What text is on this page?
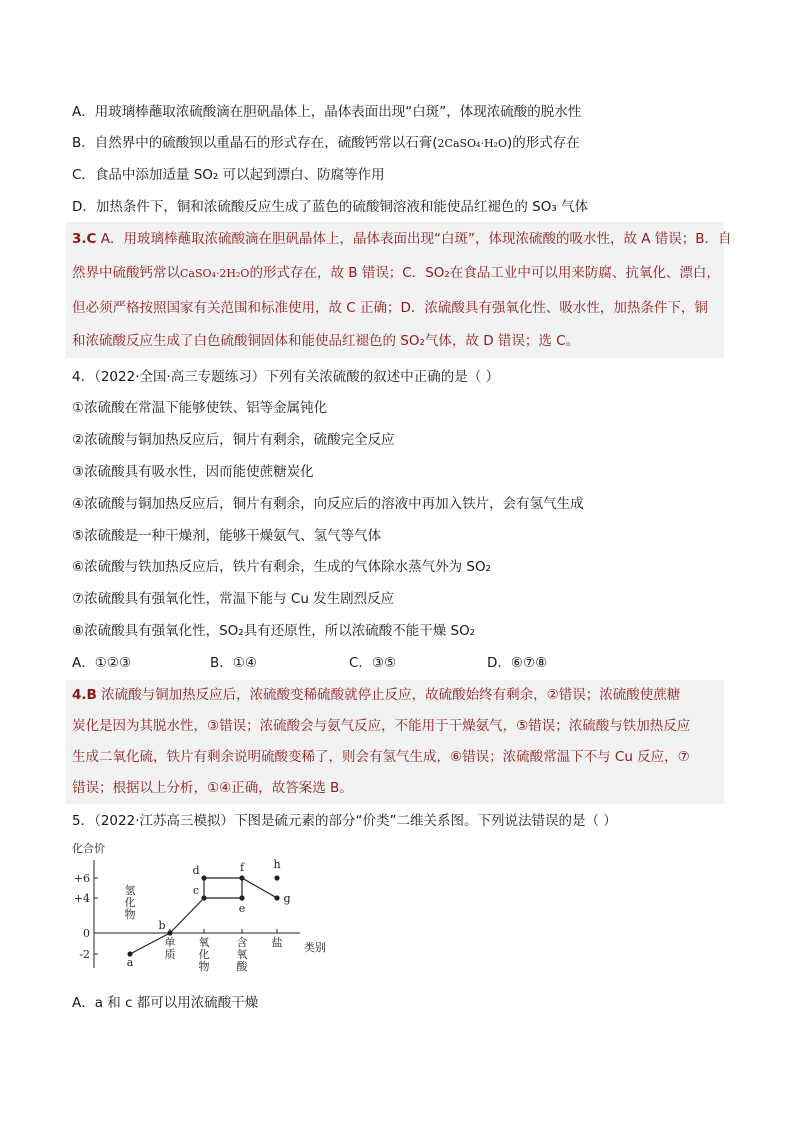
A．用玻璃棒蘸取浓硫酸滴在胆矾晶体上，晶体表面出现“白斑”，体现浓硫酸的脱水性
B．自然界中的硫酸钡以重晶石的形式存在，硫酸钙常以石膏(2CaSO₄·H₂O)的形式存在
C．食品中添加适量 SO₂ 可以起到漂白、防腐等作用
D．加热条件下，铜和浓硫酸反应生成了蓝色的硫酸铜溶液和能使品红褪色的 SO₃ 气体
3.C A．用玻璃棒蘸取浓硫酸滴在胆矾晶体上，晶体表面出现“白斑”，体现浓硫酸的吸水性，故 A 错误；B．自
然界中硫酸钙常以CaSO₄·2H₂O的形式存在，故 B 错误；C．SO₂在食品工业中可以用来防腐、抗氧化、漂白，
但必须严格按照国家有关范围和标准使用，故 C 正确；D．浓硫酸具有强氧化性、吸水性，加热条件下，铜
和浓硫酸反应生成了白色硫酸铜固体和能使品红褪色的 SO₂气体，故 D 错误；选 C。
4．（2022·全国·高三专题练习）下列有关浓硫酸的叙述中正确的是（ ）
①浓硫酸在常温下能够使铁、铝等金属钝化
②浓硫酸与铜加热反应后，铜片有剩余，硫酸完全反应
③浓硫酸具有吸水性，因而能使蔗糖炭化
④浓硫酸与铜加热反应后，铜片有剩余，向反应后的溶液中再加入铁片，会有氢气生成
⑤浓硫酸是一种干燥剂，能够干燥氨气、氢气等气体
⑥浓硫酸与铁加热反应后，铁片有剩余，生成的气体除水蒸气外为 SO₂
⑦浓硫酸具有强氧化性，常温下能与 Cu 发生剧烈反应
⑧浓硫酸具有强氧化性，SO₂具有还原性，所以浓硫酸不能干燥 SO₂
A．①②③	B．①④	C．③⑤	D．⑥⑦⑧
4.B 浓硫酸与铜加热反应后，浓硫酸变稀硫酸就停止反应，故硫酸始终有剩余，②错误；浓硫酸使蔗糖
炭化是因为其脱水性，③错误；浓硫酸会与氨气反应，不能用于干燥氨气，⑤错误；浓硫酸与铁加热反应
生成二氧化硫，铁片有剩余说明硫酸变稀了，则会有氢气生成，⑥错误；浓硫酸常温下不与 Cu 反应，⑦
错误；根据以上分析，①④正确，故答案选 B。
5．（2022·江苏高三模拟）下图是硫元素的部分“价类”二维关系图。下列说法错误的是（ ）
化合价
类别
+6
+4
0
-2
a
b
c
d
e
f
g
h
氢
化
物
单
质
氧
化
物
含
氧
酸
盐
A．a 和 c 都可以用浓硫酸干燥
